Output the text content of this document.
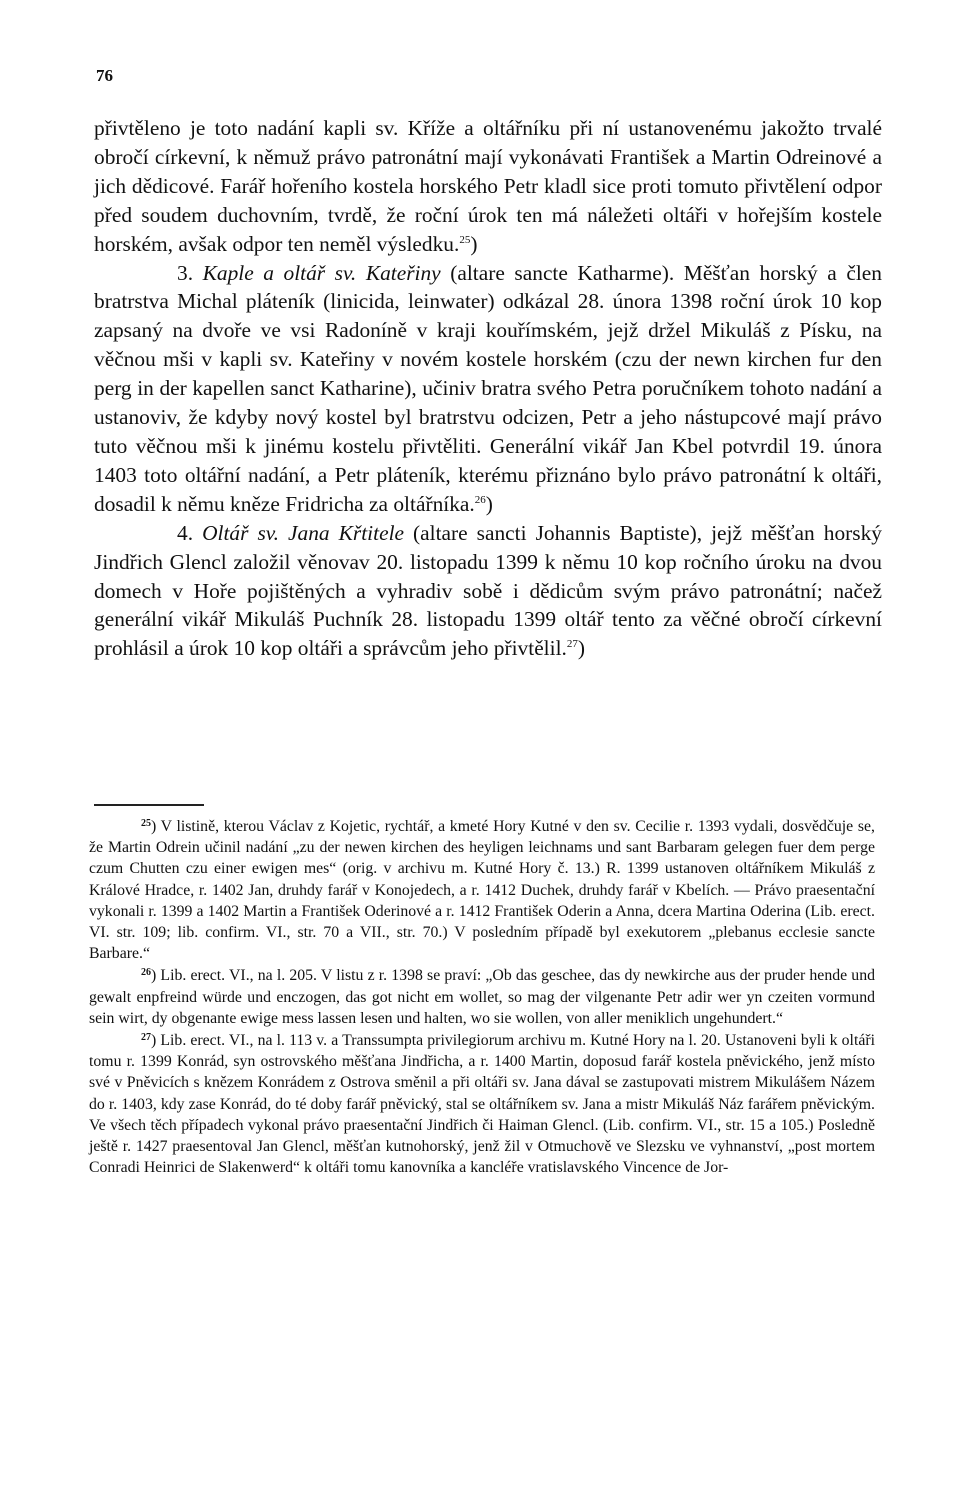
76

přivtěleno je toto nadání kapli sv. Kříže a oltářníku při ní ustanovenému jakožto trvalé obročí církevní, k němuž právo patronátní mají vykonávati František a Martin Odreinové a jich dědicové. Farář hořeního kostela horského Petr kladl sice proti tomuto přivtělení odpor před soudem duchovním, tvrdě, že roční úrok ten má náležeti oltáři v hořejším kostele horském, avšak odpor ten neměl výsledku.$^{25}$)

3. Kaple a oltář sv. Kateřiny (altare sancte Katharme). Měšťan horský a člen bratrstva Michal pláteník (linicida, leinwater) odkázal 28. února 1398 roční úrok 10 kop zapsaný na dvoře ve vsi Radoníně v kraji kouřímském, jejž držel Mikuláš z Písku, na věčnou mši v kapli sv. Kateřiny v novém kostele horském (czu der newn kirchen fur den perg in der kapellen sanct Katharine), učiniv bratra svého Petra poručníkem tohoto nadání a ustanoviv, že kdyby nový kostel byl bratrstvu odcizen, Petr a jeho nástupcové mají právo tuto věčnou mši k jinému kostelu přivtěliti. Generální vikář Jan Kbel potvrdil 19. února 1403 toto oltářní nadání, a Petr pláteník, kterému přiznáno bylo právo patronátní k oltáři, dosadil k němu kněze Fridricha za oltářníka.$^{26}$)

4. Oltář sv. Jana Křtitele (altare sancti Johannis Baptiste), jejž měšťan horský Jindřich Glencl založil věnovav 20. listopadu 1399 k němu 10 kop ročního úroku na dvou domech v Hoře pojištěných a vyhradiv sobě i dědicům svým právo patronátní; načež generální vikář Mikuláš Puchník 28. listopadu 1399 oltář tento za věčné obročí církevní prohlásil a úrok 10 kop oltáři a správcům jeho přivtělil.$^{27}$)

$^{25}$) V listině, kterou Václav z Kojetic, rychtář, a kmeté Hory Kutné v den sv. Cecilie r. 1393 vydali, dosvědčuje se, že Martin Odrein učinil nadání „zu der newen kirchen des heyligen leichnams und sant Barbaram gelegen fuer dem perge czum Chutten czu einer ewigen mes“ (orig. v archivu m. Kutné Hory č. 13.) R. 1399 ustanoven oltářníkem Mikuláš z Králové Hradce, r. 1402 Jan, druhdy farář v Konojedech, a r. 1412 Duchek, druhdy farář v Kbelích. — Právo praesentační vykonali r. 1399 a 1402 Martin a František Oderinové a r. 1412 František Oderin a Anna, dcera Martina Oderina (Lib. erect. VI. str. 109; lib. confirm. VI., str. 70 a VII., str. 70.) V posledním případě byl exekutorem „plebanus ecclesie sancte Barbare.“

$^{26}$) Lib. erect. VI., na l. 205. V listu z r. 1398 se praví: „Ob das geschee, das dy newkirche aus der pruder hende und gewalt enpfreind würde und enczogen, das got nicht em wollet, so mag der vilgenante Petr adir wer yn czeiten vormund sein wirt, dy obgenante ewige mess lassen lesen und halten, wo sie wollen, von aller meniklich ungehundert.“

$^{27}$) Lib. erect. VI., na l. 113 v. a Transsumpta privilegiorum archivu m. Kutné Hory na l. 20. Ustanoveni byli k oltáři tomu r. 1399 Konrád, syn ostrovského měšťana Jindřicha, a r. 1400 Martin, doposud farář kostela pněvického, jenž místo své v Pněvicích s knězem Konrádem z Ostrova směnil a při oltáři sv. Jana dával se zastupovati mistrem Mikulášem Názem do r. 1403, kdy zase Konrád, do té doby farář pněvický, stal se oltářníkem sv. Jana a mistr Mikuláš Náz farářem pněvickým. Ve všech těch případech vykonal právo praesentační Jindřich či Haiman Glencl. (Lib. confirm. VI., str. 15 a 105.) Posledně ještě r. 1427 praesentoval Jan Glencl, měšťan kutnohorský, jenž žil v Otmuchově ve Slezsku ve vyhnanství, „post mortem Conradi Heinrici de Slakenwerd“ k oltáři tomu kanovníka a kancléře vratislavského Vincence de Jor-
